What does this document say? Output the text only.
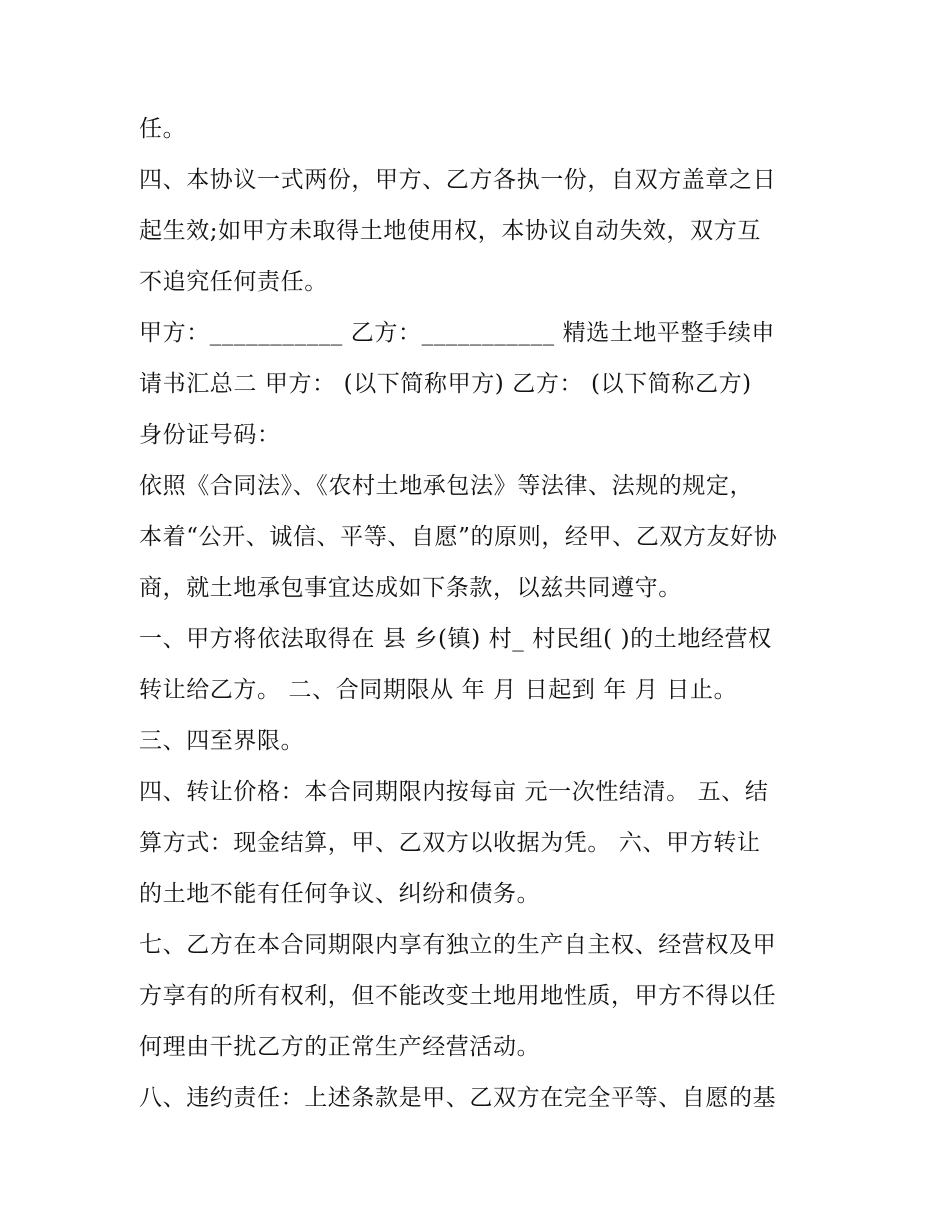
任。
四、本协议一式两份，甲方、乙方各执一份，自双方盖章之日
起生效;如甲方未取得土地使用权，本协议自动失效，双方互
不追究任何责任。
甲方：___________ 乙方：___________ 精选土地平整手续申
请书汇总二 甲方： (以下简称甲方) 乙方： (以下简称乙方)
身份证号码：
依照《合同法》、《农村土地承包法》等法律、法规的规定，
本着“公开、诚信、平等、自愿”的原则，经甲、乙双方友好协
商，就土地承包事宜达成如下条款，以兹共同遵守。
一、甲方将依法取得在 县 乡(镇) 村_ 村民组( )的土地经营权
转让给乙方。 二、合同期限从 年 月 日起到 年 月 日止。
三、四至界限。
四、转让价格：本合同期限内按每亩 元一次性结清。 五、结
算方式：现金结算，甲、乙双方以收据为凭。 六、甲方转让
的土地不能有任何争议、纠纷和债务。
七、乙方在本合同期限内享有独立的生产自主权、经营权及甲
方享有的所有权利，但不能改变土地用地性质，甲方不得以任
何理由干扰乙方的正常生产经营活动。
八、违约责任：上述条款是甲、乙双方在完全平等、自愿的基
